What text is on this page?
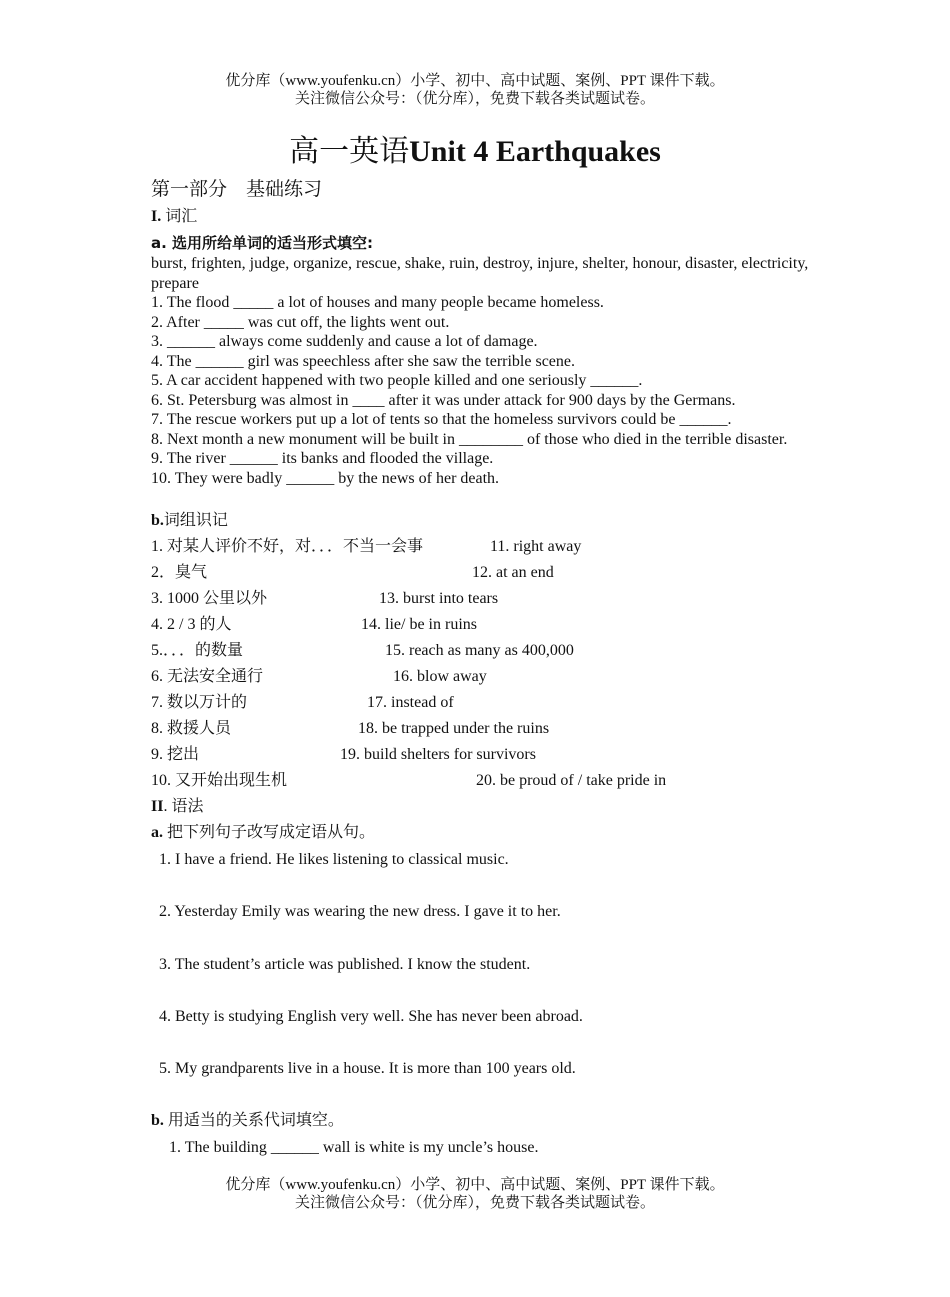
优分库（www.youfenku.cn）小学、初中、高中试题、案例、PPT 课件下载。
关注微信公众号：（优分库），免费下载各类试题试卷。
高一英语Unit 4 Earthquakes
第一部分　基础练习
I. 词汇
a. 选用所给单词的适当形式填空:
burst, frighten, judge, organize, rescue, shake, ruin, destroy, injure, shelter, honour, disaster, electricity, prepare
1. The flood _____ a lot of houses and many people became homeless.
2. After _____ was cut off, the lights went out.
3. ______ always come suddenly and cause a lot of damage.
4. The ______ girl was speechless after she saw the terrible scene.
5. A car accident happened with two people killed and one seriously ______.
6. St. Petersburg was almost in ____ after it was under attack for 900 days by the Germans.
7. The rescue workers put up a lot of tents so that the homeless survivors could be ______.
8. Next month a new monument will be built in ________ of those who died in the terrible disaster.
9. The river ______ its banks and flooded the village.
10. They were badly ______ by the news of her death.
b.词组识记
1. 对某人评价不好，对．．．不当一会事	11. right away
2．臭气	12. at an end
3. 1000 公里以外	13. burst into tears
4. 2 / 3 的人	14. lie/ be in ruins
5.．．．的数量	15. reach as many as 400,000
6. 无法安全通行	16. blow away
7. 数以万计的	17. instead of
8. 救援人员	18. be trapped under the ruins
9. 挖出	19. build shelters for survivors
10. 又开始出现生机	20. be proud of / take pride in
II. 语法
a. 把下列句子改写成定语从句。
1. I have a friend. He likes listening to classical music.
2. Yesterday Emily was wearing the new dress. I gave it to her.
3. The student’s article was published. I know the student.
4. Betty is studying English very well. She has never been abroad.
5. My grandparents live in a house. It is more than 100 years old.
b. 用适当的关系代词填空。
1. The building ______ wall is white is my uncle’s house.
优分库（www.youfenku.cn）小学、初中、高中试题、案例、PPT 课件下载。
关注微信公众号：（优分库），免费下载各类试题试卷。
